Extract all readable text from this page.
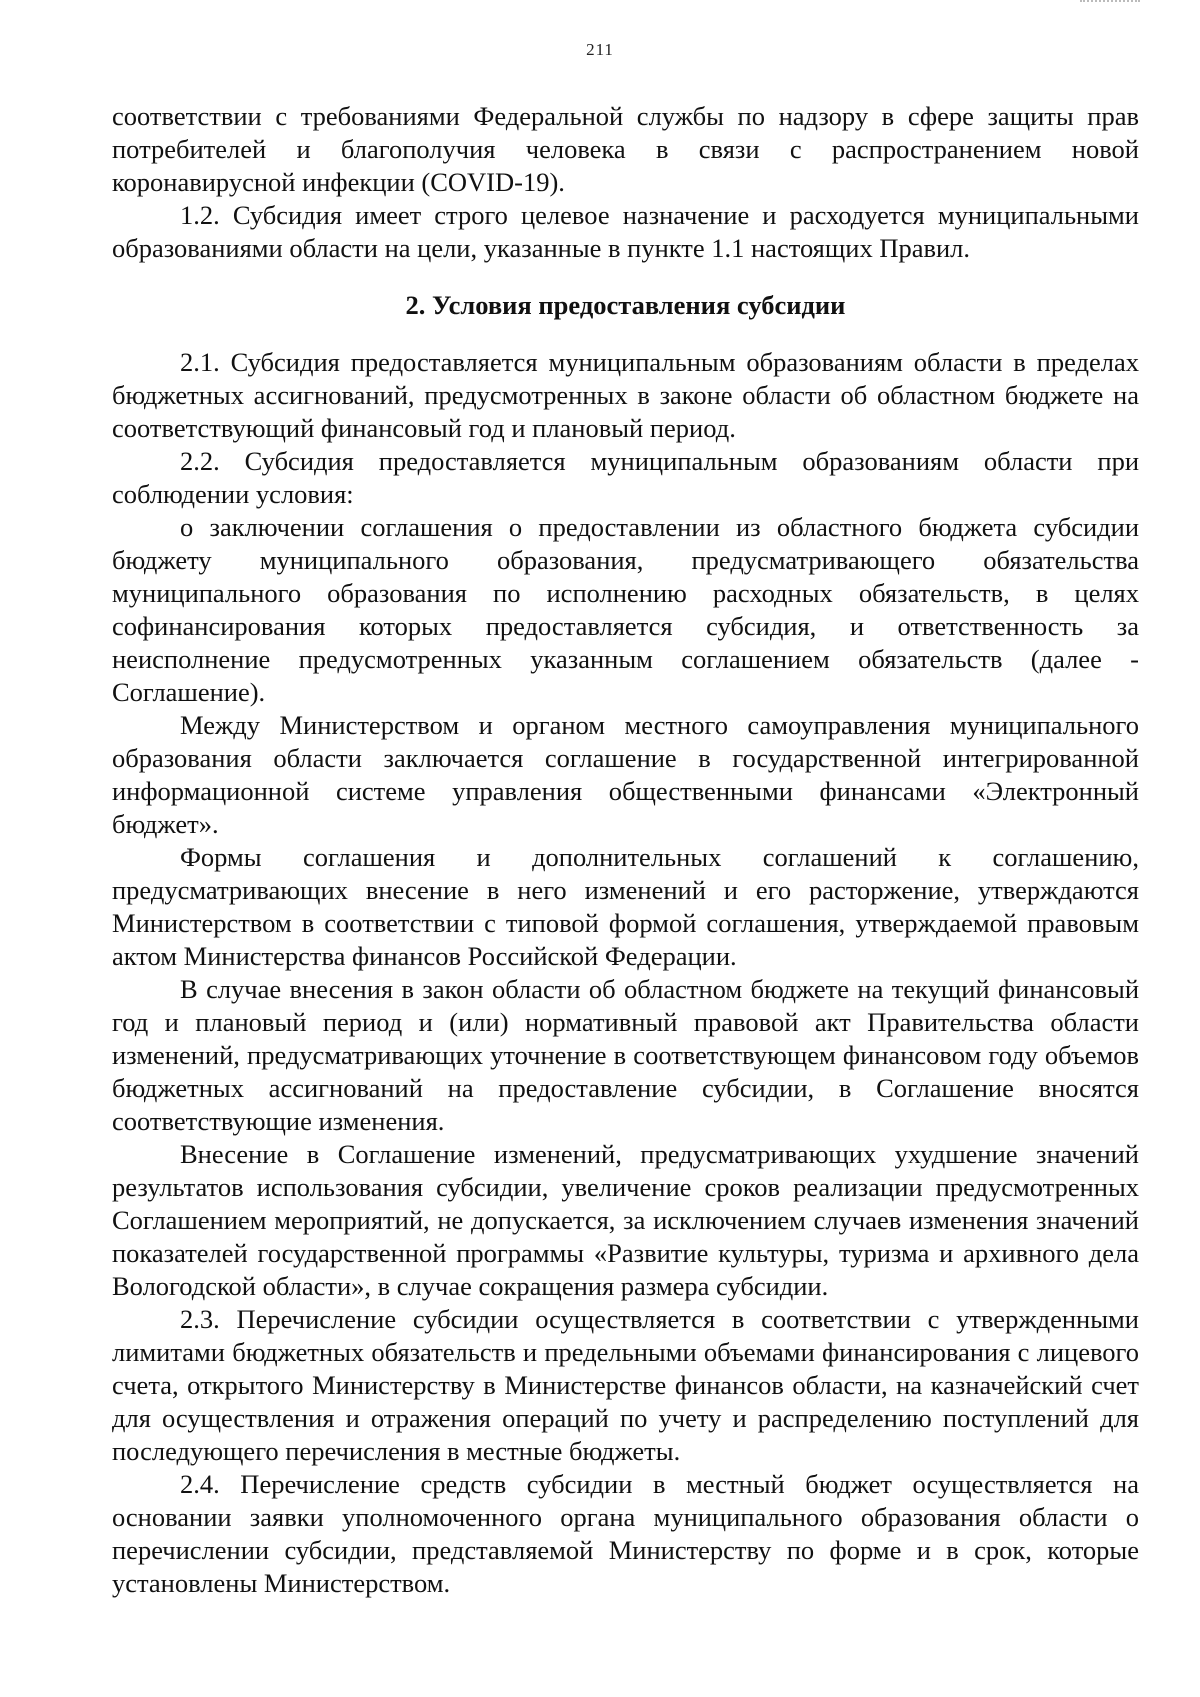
211

соответствии с требованиями Федеральной службы по надзору в сфере защиты прав потребителей и благополучия человека в связи с распространением новой коронавирусной инфекции (COVID-19).

1.2. Субсидия имеет строго целевое назначение и расходуется муниципальными образованиями области на цели, указанные в пункте 1.1 настоящих Правил.

2. Условия предоставления субсидии

2.1. Субсидия предоставляется муниципальным образованиям области в пределах бюджетных ассигнований, предусмотренных в законе области об областном бюджете на соответствующий финансовый год и плановый период.

2.2. Субсидия предоставляется муниципальным образованиям области при соблюдении условия:

о заключении соглашения о предоставлении из областного бюджета субсидии бюджету муниципального образования, предусматривающего обязательства муниципального образования по исполнению расходных обязательств, в целях софинансирования которых предоставляется субсидия, и ответственность за неисполнение предусмотренных указанным соглашением обязательств (далее - Соглашение).

Между Министерством и органом местного самоуправления муниципального образования области заключается соглашение в государственной интегрированной информационной системе управления общественными финансами «Электронный бюджет».

Формы соглашения и дополнительных соглашений к соглашению, предусматривающих внесение в него изменений и его расторжение, утверждаются Министерством в соответствии с типовой формой соглашения, утверждаемой правовым актом Министерства финансов Российской Федерации.

В случае внесения в закон области об областном бюджете на текущий финансовый год и плановый период и (или) нормативный правовой акт Правительства области изменений, предусматривающих уточнение в соответствующем финансовом году объемов бюджетных ассигнований на предоставление субсидии, в Соглашение вносятся соответствующие изменения.

Внесение в Соглашение изменений, предусматривающих ухудшение значений результатов использования субсидии, увеличение сроков реализации предусмотренных Соглашением мероприятий, не допускается, за исключением случаев изменения значений показателей государственной программы «Развитие культуры, туризма и архивного дела Вологодской области», в случае сокращения размера субсидии.

2.3. Перечисление субсидии осуществляется в соответствии с утвержденными лимитами бюджетных обязательств и предельными объемами финансирования с лицевого счета, открытого Министерству в Министерстве финансов области, на казначейский счет для осуществления и отражения операций по учету и распределению поступлений для последующего перечисления в местные бюджеты.

2.4. Перечисление средств субсидии в местный бюджет осуществляется на основании заявки уполномоченного органа муниципального образования области о перечислении субсидии, представляемой Министерству по форме и в срок, которые установлены Министерством.
